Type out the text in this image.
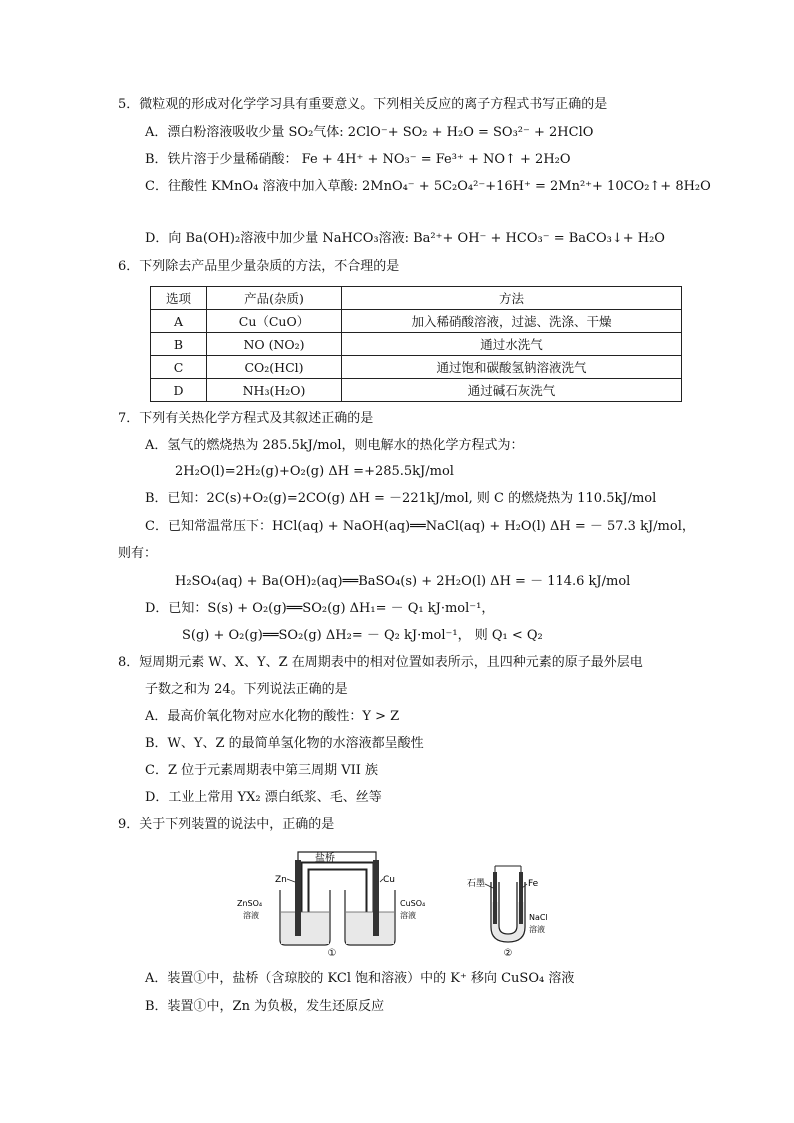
5．微粒观的形成对化学学习具有重要意义。下列相关反应的离子方程式书写正确的是
A．漂白粉溶液吸收少量 SO₂气体: 2ClO⁻+ SO₂ + H₂O = SO₃²⁻ + 2HClO
B．铁片溶于少量稀硝酸： Fe + 4H⁺ + NO₃⁻ = Fe³⁺ + NO↑ + 2H₂O
C．往酸性 KMnO₄ 溶液中加入草酸: 2MnO₄⁻ + 5C₂O₄²⁻+16H⁺ = 2Mn²⁺+ 10CO₂↑+ 8H₂O
D．向 Ba(OH)₂溶液中加少量 NaHCO₃溶液: Ba²⁺+ OH⁻ + HCO₃⁻ = BaCO₃↓+ H₂O
6．下列除去产品里少量杂质的方法，不合理的是
选项	产品(杂质)	方法
A	Cu（CuO）	加入稀硝酸溶液，过滤、洗涤、干燥
B	NO (NO₂)	通过水洗气
C	CO₂(HCl)	通过饱和碳酸氢钠溶液洗气
D	NH₃(H₂O)	通过碱石灰洗气
7．下列有关热化学方程式及其叙述正确的是
A．氢气的燃烧热为 285.5kJ/mol，则电解水的热化学方程式为：
2H₂O(l)=2H₂(g)+O₂(g) ΔH =+285.5kJ/mol
B．已知：2C(s)+O₂(g)=2CO(g) ΔH = －221kJ/mol, 则 C 的燃烧热为 110.5kJ/mol
C．已知常温常压下：HCl(aq) + NaOH(aq)══NaCl(aq) + H₂O(l) ΔH = － 57.3 kJ/mol，
则有：
H₂SO₄(aq) + Ba(OH)₂(aq)══BaSO₄(s) + 2H₂O(l) ΔH = － 114.6 kJ/mol
D．已知：S(s) + O₂(g)══SO₂(g) ΔH₁= － Q₁ kJ·mol⁻¹，
S(g) + O₂(g)══SO₂(g) ΔH₂= － Q₂ kJ·mol⁻¹， 则 Q₁ < Q₂
8．短周期元素 W、X、Y、Z 在周期表中的相对位置如表所示，且四种元素的原子最外层电
子数之和为 24。下列说法正确的是
A．最高价氧化物对应水化物的酸性：Y > Z
B．W、Y、Z 的最简单氢化物的水溶液都呈酸性
C．Z 位于元素周期表中第三周期 VII 族
D．工业上常用 YX₂ 漂白纸浆、毛、丝等
9．关于下列装置的说法中，正确的是
盐桥
Zn	Cu
ZnSO₄
溶液
CuSO₄
溶液
①
石墨	Fe
NaCl
溶液
②
A．装置①中，盐桥（含琼胶的 KCl 饱和溶液）中的 K⁺ 移向 CuSO₄ 溶液
B．装置①中，Zn 为负极，发生还原反应
